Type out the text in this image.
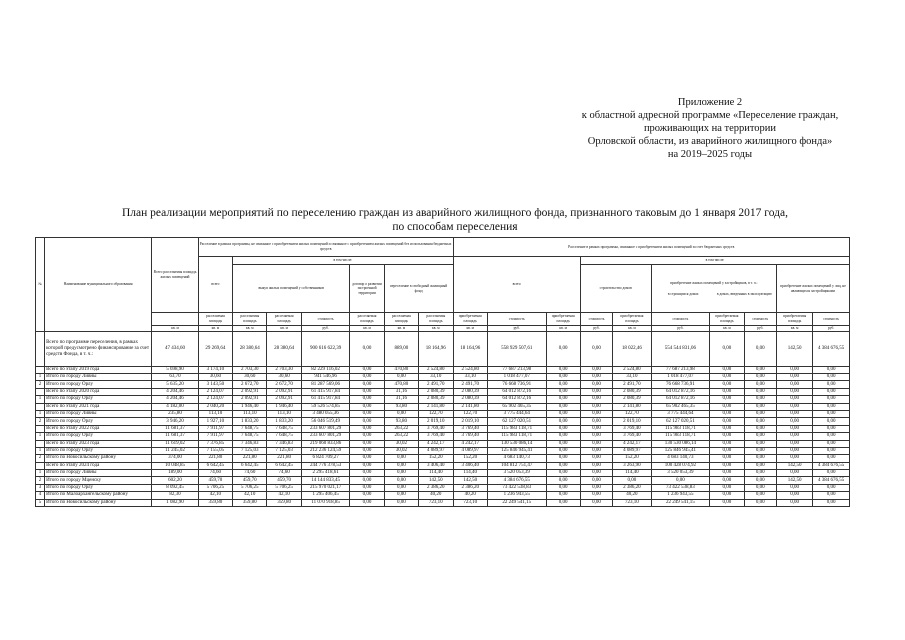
Приложение 2
к областной адресной программе «Переселение граждан,
проживающих на территории
Орловской области, из аварийного жилищного фонда»
на 2019–2025 годы
План реализации мероприятий по переселению граждан из аварийного жилищного фонда, признанного таковым до 1 января 2017 года,
по способам переселения
№	Наименование муниципального образования	Всего расселяемая площадь жилых помещений	Расселение в рамках программы, не связанное с приобретением жилых помещений и связанное с приобретением жилых помещений без использования бюджетных средств							Расселение в рамках программы, связанное с приобретением жилых помещений за счет бюджетных средств									
			всего	в том числе:						всего			в том числе:						
				выкуп жилых помещений у собственников			договор о развитии застроенной территории	переселение в свободный жилищный фонд					строительство домов		приобретение жилых помещений у застройщиков, в т. ч.:
в строящихся домах в домах, введенных в эксплуатацию			приобретение жилых помещений у лиц, не являющихся застройщиками	
			расселяемая площадь	расселяемая площадь	расселяемая площадь	стоимость	расселяемая площадь	расселяемая площадь	расселяемая площадь	приобретаемая площадь	стоимость	приобретаемая площадь	стоимость	приобретаемая площадь	стоимость	приобретаемая площадь	стоимость	приобретаемая площадь	стоимость
		кв. м	кв. м	кв. м	кв. м	руб.	кв. м	кв. м	кв. м	кв. м	руб.	кв. м	руб.	кв. м	руб.	кв. м	руб.	кв. м	руб.
	Всего по программе переселения, в рамках которой предусмотрено финансирование за счет средств Фонда, в т. ч.:	47 434,60	29 269,64	28 380,64	28 380,64	900 616 622,39	0,00	889,00	18 164,96	18 164,96	558 929 507,61	0,00	0,00	18 022,46	554 544 831,06	0,00	0,00	142,50	4 384 676,55
	Всего по этапу 2019 года	5 698,90	3 174,10	2 703,30	2 703,30	82 229 116,02	0,00	470,80	2 524,80	2 524,80	77 687 213,98	0,00	0,00	2 524,80	77 687 213,98	0,00	0,00	0,00	0,00
1	Итого по городу Ливны	63,70	30,60	30,60	30,60	941 546,96	0,00	0,00	33,10	33,10	1 018 477,07	0,00	0,00	33,10	1 018 477,07	0,00	0,00	0,00	0,00
2	Итого по городу Орлу	5 635,20	3 143,50	2 672,70	2 672,70	81 287 569,06	0,00	470,80	2 491,70	2 491,70	76 668 736,91	0,00	0,00	2 491,70	76 668 736,91	0,00	0,00	0,00	0,00
	Всего по этапу 2020 года	4 204,46	2 124,07	2 092,91	2 092,91	61 415 917,84	0,00	31,16	2 080,39	2 080,39	64 012 872,16	0,00	0,00	2 080,39	64 012 872,16	0,00	0,00	0,00	0,00
1	Итого по городу Орлу	4 204,46	2 124,07	2 092,91	2 092,91	61 415 917,84	0,00	31,16	2 080,39	2 080,39	64 012 872,16	0,00	0,00	2 080,39	64 012 872,16	0,00	0,00	0,00	0,00
	Всего по этапу 2021 года	4 182,00	2 040,20	1 946,40	1 946,40	59 526 574,85	0,00	93,80	2 141,80	2 141,80	65 902 465,35	0,00	0,00	2 141,80	65 902 465,35	0,00	0,00	0,00	0,00
1	Итого по городу Ливны	235,80	113,10	113,10	113,10	3 480 055,36	0,00	0,00	122,70	122,70	3 775 444,64	0,00	0,00	122,70	3 775 444,64	0,00	0,00	0,00	0,00
2	Итого по городу Орлу	3 946,20	1 927,10	1 833,20	1 833,20	56 046 519,49	0,00	93,80	2 019,10	2 019,10	62 127 020,51	0,00	0,00	2 019,10	62 127 020,51	0,00	0,00	0,00	0,00
	Всего по этапу 2022 года	11 681,37	7 911,97	7 648,75	7 648,75	233 607 801,29	0,00	263,22	3 769,40	3 769,40	115 983 118,71	0,00	0,00	3 769,40	115 983 118,71	0,00	0,00	0,00	0,00
1	Итого по городу Орлу	11 681,37	7 911,97	7 648,75	7 648,75	233 607 801,29	0,00	263,22	3 769,40	3 769,40	115 983 118,71	0,00	0,00	3 769,40	115 983 118,71	0,00	0,00	0,00	0,00
	Всего по этапу 2023 года	11 619,02	7 376,85	7 346,83	7 346,83	219 060 833,86	0,00	30,02	4 242,17	4 242,17	130 530 086,14	0,00	0,00	4 242,17	130 530 086,14	0,00	0,00	0,00	0,00
1	Итого по городу Орлу	11 245,02	7 155,05	7 125,03	7 125,03	212 236 124,59	0,00	30,02	4 089,97	4 089,97	125 846 945,41	0,00	0,00	4 089,97	125 846 945,41	0,00	0,00	0,00	0,00
2	Итого по Новосильскому району	374,00	221,80	221,80	221,80	6 824 709,27	0,00	0,00	152,20	152,20	4 683 140,73	0,00	0,00	152,20	4 683 140,73	0,00	0,00	0,00	0,00
	Всего по этапу 2024 года	10 048,85	6 642,45	6 642,45	6 642,45	244 776 378,53	0,00	0,00	3 406,40	3 406,40	104 812 751,47	0,00	0,00	3 263,90	100 428 074,92	0,00	0,00	142,50	4 384 676,55
1	Итого по городу Ливны	189,00	74,60	74,60	74,60	2 295 418,61	0,00	0,00	114,40	114,40	3 520 053,39	0,00	0,00	114,40	3 520 053,39	0,00	0,00	0,00	0,00
2	Итого по городу Мценску	602,20	459,70	459,70	459,70	14 144 833,45	0,00	0,00	142,50	142,50	4 384 676,55	0,00	0,00	0,00	0,00	0,00	0,00	142,50	4 384 676,55
3	Итого по городу Орлу	8 092,45	5 706,25	5 706,25	5 706,25	215 970 021,17	0,00	0,00	2 386,20	2 386,20	73 422 538,83	0,00	0,00	2 386,20	73 422 538,83	0,00	0,00	0,00	0,00
4	Итого по Малоархангельскому району	82,30	42,10	42,10	42,10	1 295 406,45	0,00	0,00	40,20	40,20	1 236 943,55	0,00	0,00	40,20	1 236 943,55	0,00	0,00	0,00	0,00
5	Итого по Новосильскому району	1 082,90	359,80	359,80	359,80	11 070 918,85	0,00	0,00	723,10	723,10	22 249 541,15	0,00	0,00	723,10	22 249 541,15	0,00	0,00	0,00	0,00
